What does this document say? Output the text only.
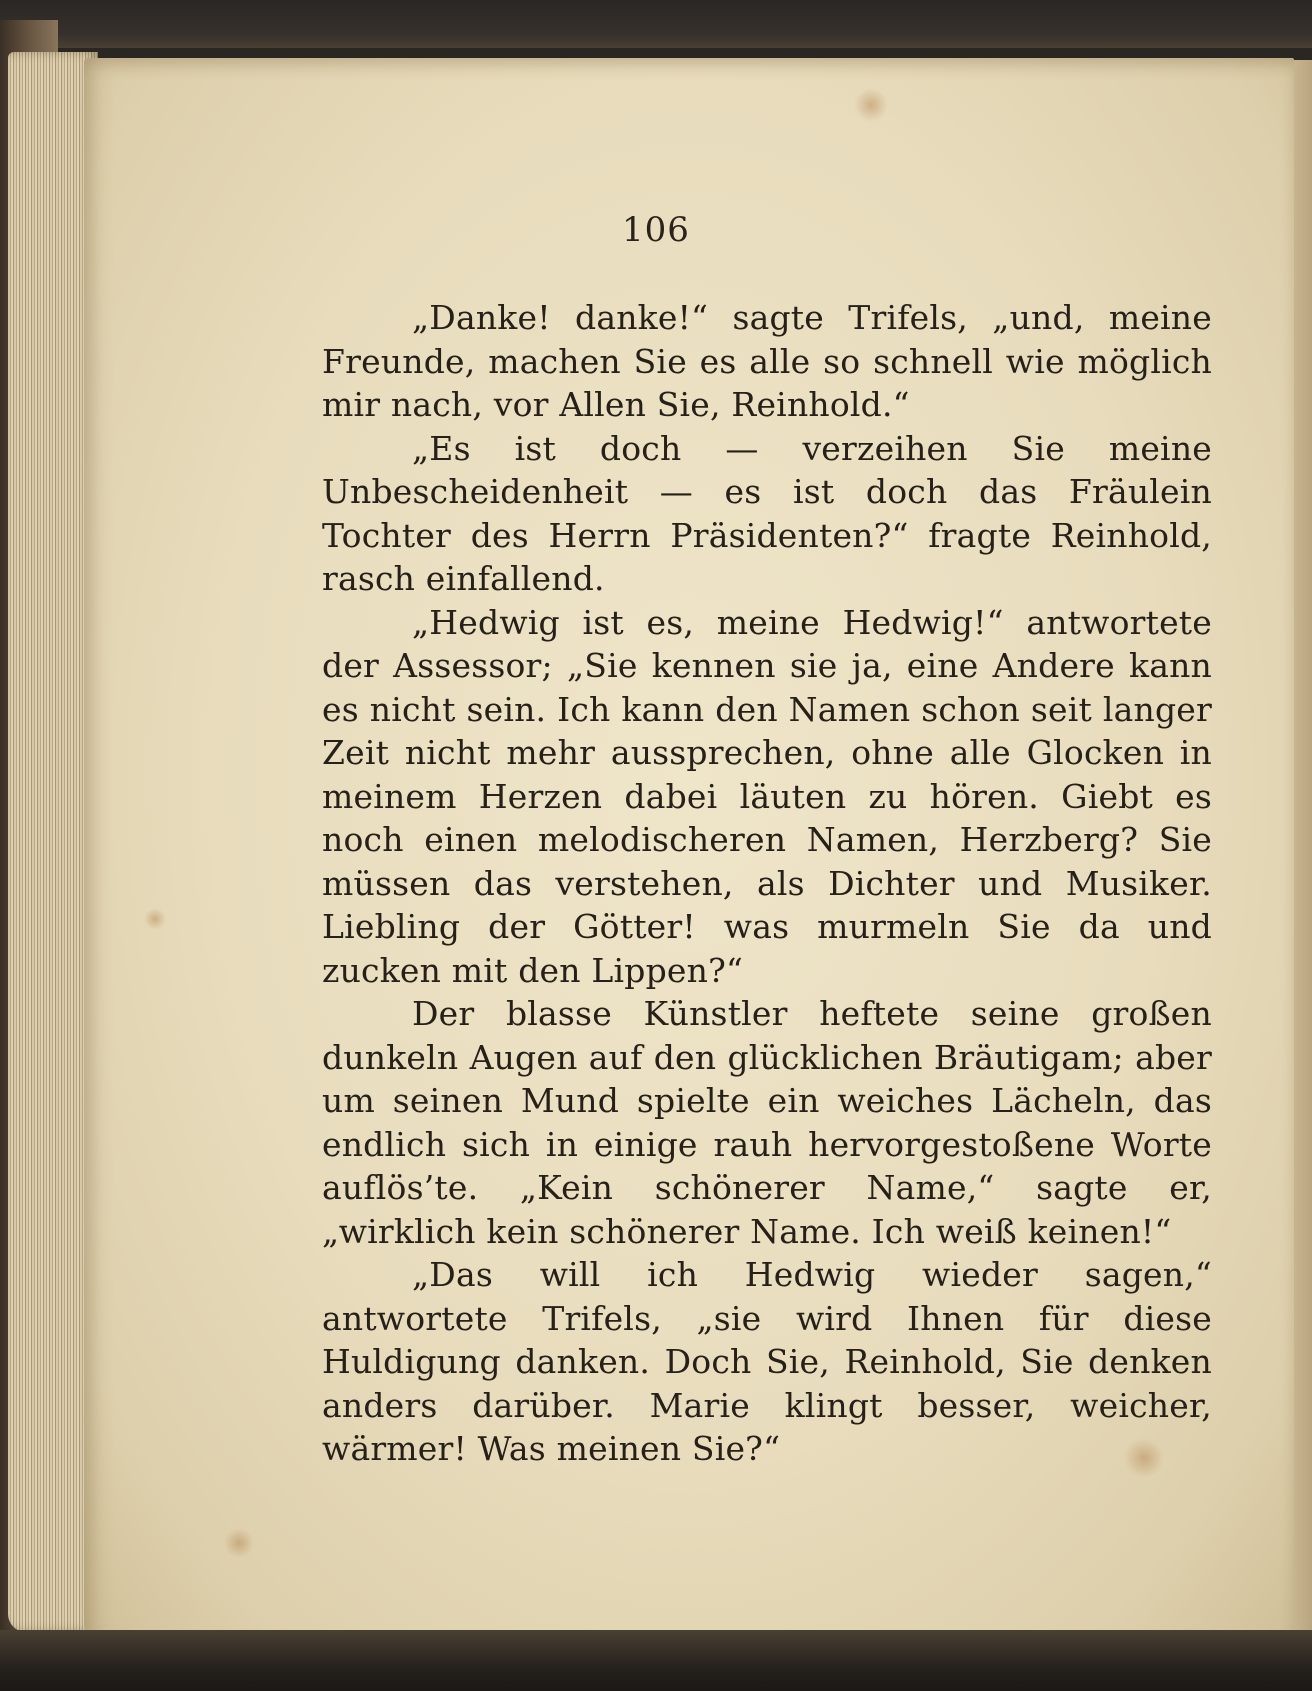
106

„Danke! danke!“ sagte Trifels, „und, meine Freunde, machen Sie es alle so schnell wie möglich mir nach, vor Allen Sie, Reinhold.“

„Es ist doch — verzeihen Sie meine Unbescheidenheit — es ist doch das Fräulein Tochter des Herrn Präsidenten?“ fragte Reinhold, rasch einfallend.

„Hedwig ist es, meine Hedwig!“ antwortete der Assessor; „Sie kennen sie ja, eine Andere kann es nicht sein. Ich kann den Namen schon seit langer Zeit nicht mehr aussprechen, ohne alle Glocken in meinem Herzen dabei läuten zu hören. Giebt es noch einen melodischeren Namen, Herzberg? Sie müssen das verstehen, als Dichter und Musiker. Liebling der Götter! was murmeln Sie da und zucken mit den Lippen?“

Der blasse Künstler heftete seine großen dunkeln Augen auf den glücklichen Bräutigam; aber um seinen Mund spielte ein weiches Lächeln, das endlich sich in einige rauh hervorgestoßene Worte auflös’te. „Kein schönerer Name,“ sagte er, „wirklich kein schönerer Name. Ich weiß keinen!“

„Das will ich Hedwig wieder sagen,“ antwortete Trifels, „sie wird Ihnen für diese Huldigung danken. Doch Sie, Reinhold, Sie denken anders darüber. Marie klingt besser, weicher, wärmer! Was meinen Sie?“
